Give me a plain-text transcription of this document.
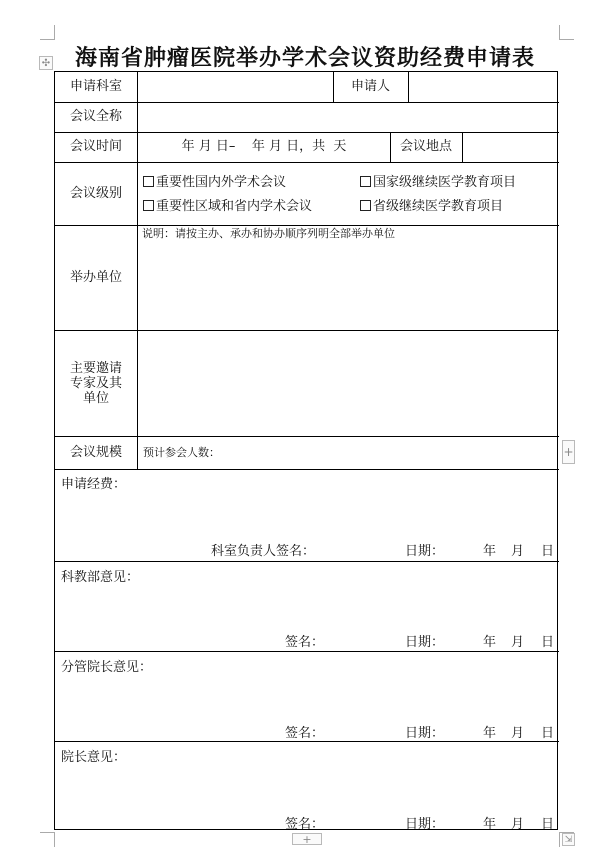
✣
+
+	⇲
海南省肿瘤医院举办学术会议资助经费申请表
申请科室	申请人
会议全称
会议时间	年 月 日–    年 月 日，共  天	会议地点
会议级别
重要性国内外学术会议	国家级继续医学教育项目
重要性区域和省内学术会议	省级继续医学教育项目
举办单位
说明：请按主办、承办和协办顺序列明全部举办单位
主要邀请
专家及其
单位
会议规模	预计参会人数：
申请经费：
科室负责人签名：	日期：	年 月 日
科教部意见：
签名：	日期：	年 月 日
分管院长意见：
签名：	日期：	年 月 日
院长意见：
签名：	日期：	年 月 日
